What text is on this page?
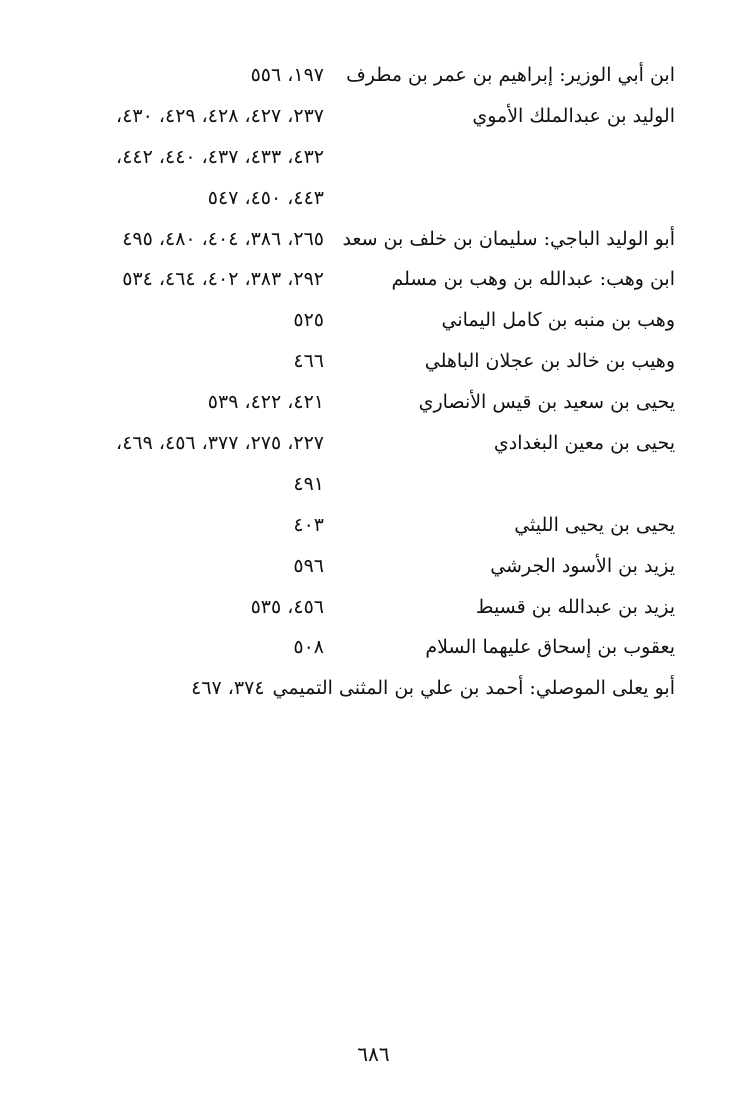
ابن أبي الوزير: إبراهيم بن عمر بن مطرف
١٩٧، ٥٥٦
الوليد بن عبدالملك الأموي
٢٣٧، ٤٢٧، ٤٢٨، ٤٢٩، ٤٣٠،
٤٣٢، ٤٣٣، ٤٣٧، ٤٤٠، ٤٤٢،
٤٤٣، ٤٥٠، ٥٤٧
أبو الوليد الباجي: سليمان بن خلف بن سعد
٢٦٥، ٣٨٦، ٤٠٤، ٤٨٠، ٤٩٥
ابن وهب: عبدالله بن وهب بن مسلم
٢٩٢، ٣٨٣، ٤٠٢، ٤٦٤، ٥٣٤
وهب بن منبه بن كامل اليماني
٥٢٥
وهيب بن خالد بن عجلان الباهلي
٤٦٦
يحيى بن سعيد بن قيس الأنصاري
٤٢١، ٤٢٢، ٥٣٩
يحيى بن معين البغدادي
٢٢٧، ٢٧٥، ٣٧٧، ٤٥٦، ٤٦٩،
٤٩١
يحيى بن يحيى الليثي
٤٠٣
يزيد بن الأسود الجرشي
٥٩٦
يزيد بن عبدالله بن قسيط
٤٥٦، ٥٣٥
يعقوب بن إسحاق عليهما السلام
٥٠٨
أبو يعلى الموصلي: أحمد بن علي بن المثنى التميمي
٣٧٤، ٤٦٧
٦٨٦
